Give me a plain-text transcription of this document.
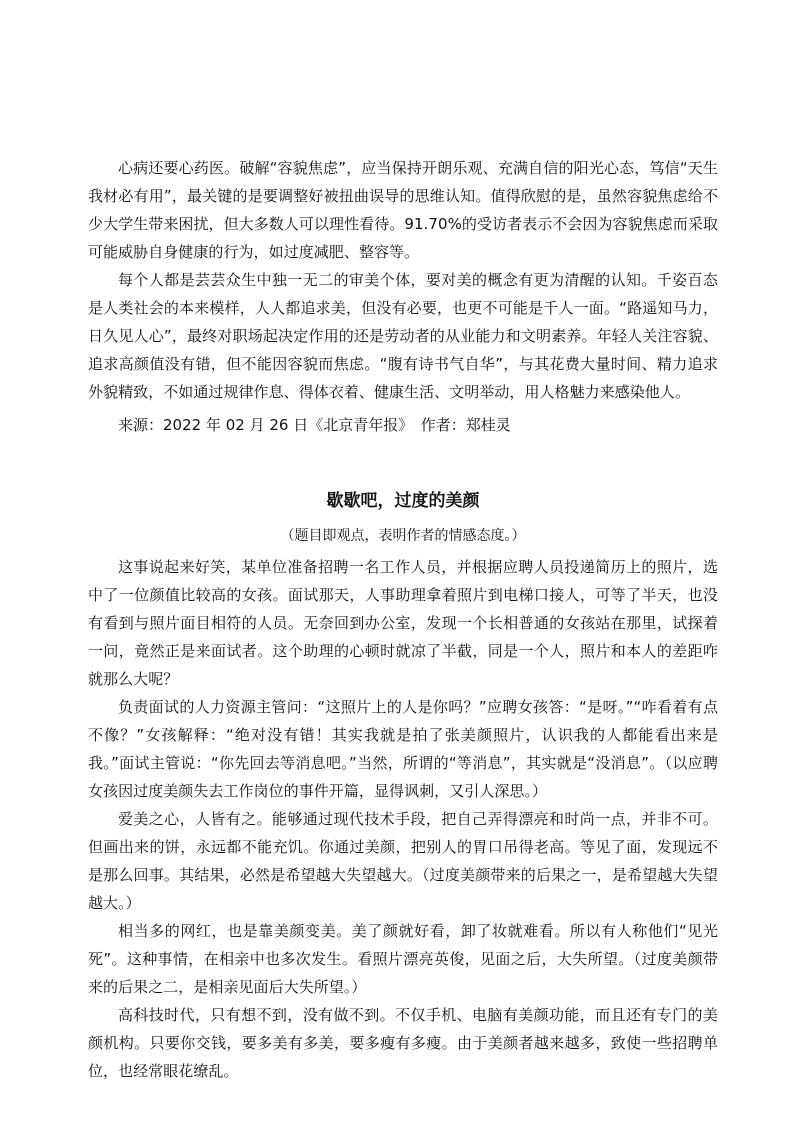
心病还要心药医。破解“容貌焦虑”，应当保持开朗乐观、充满自信的阳光心态，笃信“天生我材必有用”，最关键的是要调整好被扭曲误导的思维认知。值得欣慰的是，虽然容貌焦虑给不少大学生带来困扰，但大多数人可以理性看待。91.70%的受访者表示不会因为容貌焦虑而采取可能威胁自身健康的行为，如过度减肥、整容等。

每个人都是芸芸众生中独一无二的审美个体，要对美的概念有更为清醒的认知。千姿百态是人类社会的本来模样，人人都追求美，但没有必要，也更不可能是千人一面。“路遥知马力，日久见人心”，最终对职场起决定作用的还是劳动者的从业能力和文明素养。年轻人关注容貌、追求高颜值没有错，但不能因容貌而焦虑。“腹有诗书气自华”，与其花费大量时间、精力追求外貌精致，不如通过规律作息、得体衣着、健康生活、文明举动，用人格魅力来感染他人。

来源：2022 年 02 月 26 日《北京青年报》　作者：郑桂灵

歇歇吧，过度的美颜

（题目即观点，表明作者的情感态度。）

这事说起来好笑，某单位准备招聘一名工作人员，并根据应聘人员投递简历上的照片，选中了一位颜值比较高的女孩。面试那天，人事助理拿着照片到电梯口接人，可等了半天，也没有看到与照片面目相符的人员。无奈回到办公室，发现一个长相普通的女孩站在那里，试探着一问，竟然正是来面试者。这个助理的心顿时就凉了半截，同是一个人，照片和本人的差距咋就那么大呢？

负责面试的人力资源主管问：“这照片上的人是你吗？”应聘女孩答：“是呀。”“咋看着有点不像？”女孩解释：“绝对没有错！其实我就是拍了张美颜照片，认识我的人都能看出来是我。”面试主管说：“你先回去等消息吧。”当然，所谓的“等消息”，其实就是“没消息”。（以应聘女孩因过度美颜失去工作岗位的事件开篇，显得讽刺，又引人深思。）

爱美之心，人皆有之。能够通过现代技术手段，把自己弄得漂亮和时尚一点，并非不可。但画出来的饼，永远都不能充饥。你通过美颜，把别人的胃口吊得老高。等见了面，发现远不是那么回事。其结果，必然是希望越大失望越大。（过度美颜带来的后果之一，是希望越大失望越大。）

相当多的网红，也是靠美颜变美。美了颜就好看，卸了妆就难看。所以有人称他们“见光死”。这种事情，在相亲中也多次发生。看照片漂亮英俊，见面之后，大失所望。（过度美颜带来的后果之二，是相亲见面后大失所望。）

高科技时代，只有想不到，没有做不到。不仅手机、电脑有美颜功能，而且还有专门的美颜机构。只要你交钱，要多美有多美，要多瘦有多瘦。由于美颜者越来越多，致使一些招聘单位，也经常眼花缭乱。
